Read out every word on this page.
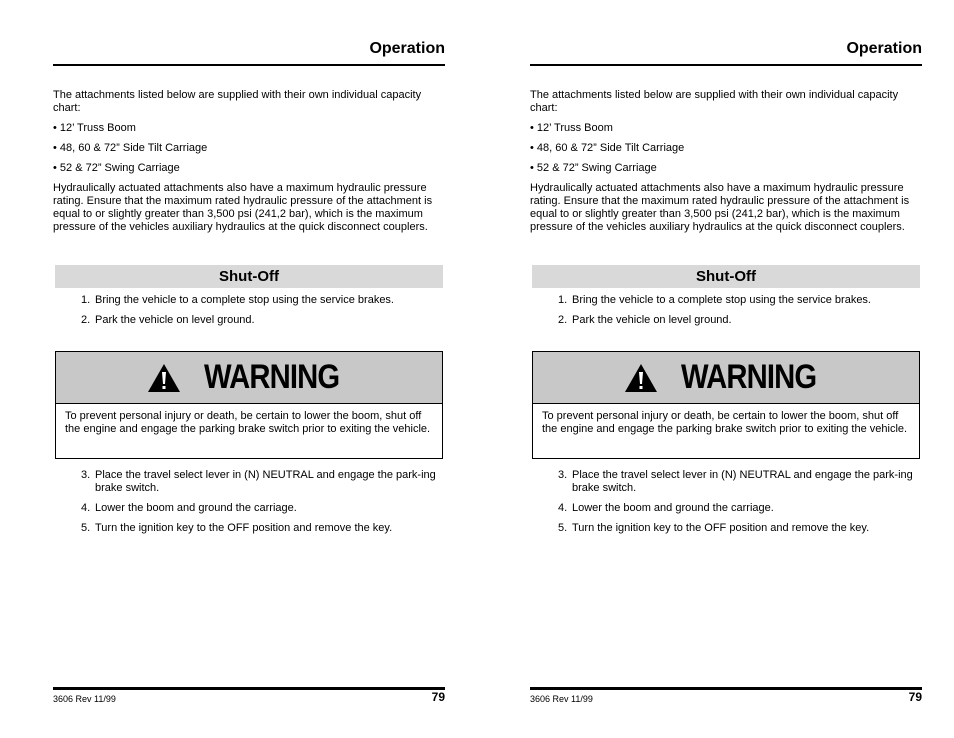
Operation

The attachments listed below are supplied with their own individual capacity chart:

• 12’ Truss Boom

• 48, 60 & 72” Side Tilt Carriage

• 52 & 72” Swing Carriage

Hydraulically actuated attachments also have a maximum hydraulic pressure rating. Ensure that the maximum rated hydraulic pressure of the attachment is equal to or slightly greater than 3,500 psi (241,2 bar), which is the maximum pressure of the vehicles auxiliary hydraulics at the quick disconnect couplers.

Shut-Off
1. Bring the vehicle to a complete stop using the service brakes.
2. Park the vehicle on level ground.
WARNING
To prevent personal injury or death, be certain to lower the boom, shut off the engine and engage the parking brake switch prior to exiting the vehicle.
3. Place the travel select lever in (N) NEUTRAL and engage the park-ing brake switch.
4. Lower the boom and ground the carriage.
5. Turn the ignition key to the OFF position and remove the key.
3606 Rev 11/99	79
Operation

The attachments listed below are supplied with their own individual capacity chart:

• 12’ Truss Boom

• 48, 60 & 72” Side Tilt Carriage

• 52 & 72” Swing Carriage

Hydraulically actuated attachments also have a maximum hydraulic pressure rating. Ensure that the maximum rated hydraulic pressure of the attachment is equal to or slightly greater than 3,500 psi (241,2 bar), which is the maximum pressure of the vehicles auxiliary hydraulics at the quick disconnect couplers.

Shut-Off
1. Bring the vehicle to a complete stop using the service brakes.
2. Park the vehicle on level ground.
WARNING
To prevent personal injury or death, be certain to lower the boom, shut off the engine and engage the parking brake switch prior to exiting the vehicle.
3. Place the travel select lever in (N) NEUTRAL and engage the park-ing brake switch.
4. Lower the boom and ground the carriage.
5. Turn the ignition key to the OFF position and remove the key.
3606 Rev 11/99	79
